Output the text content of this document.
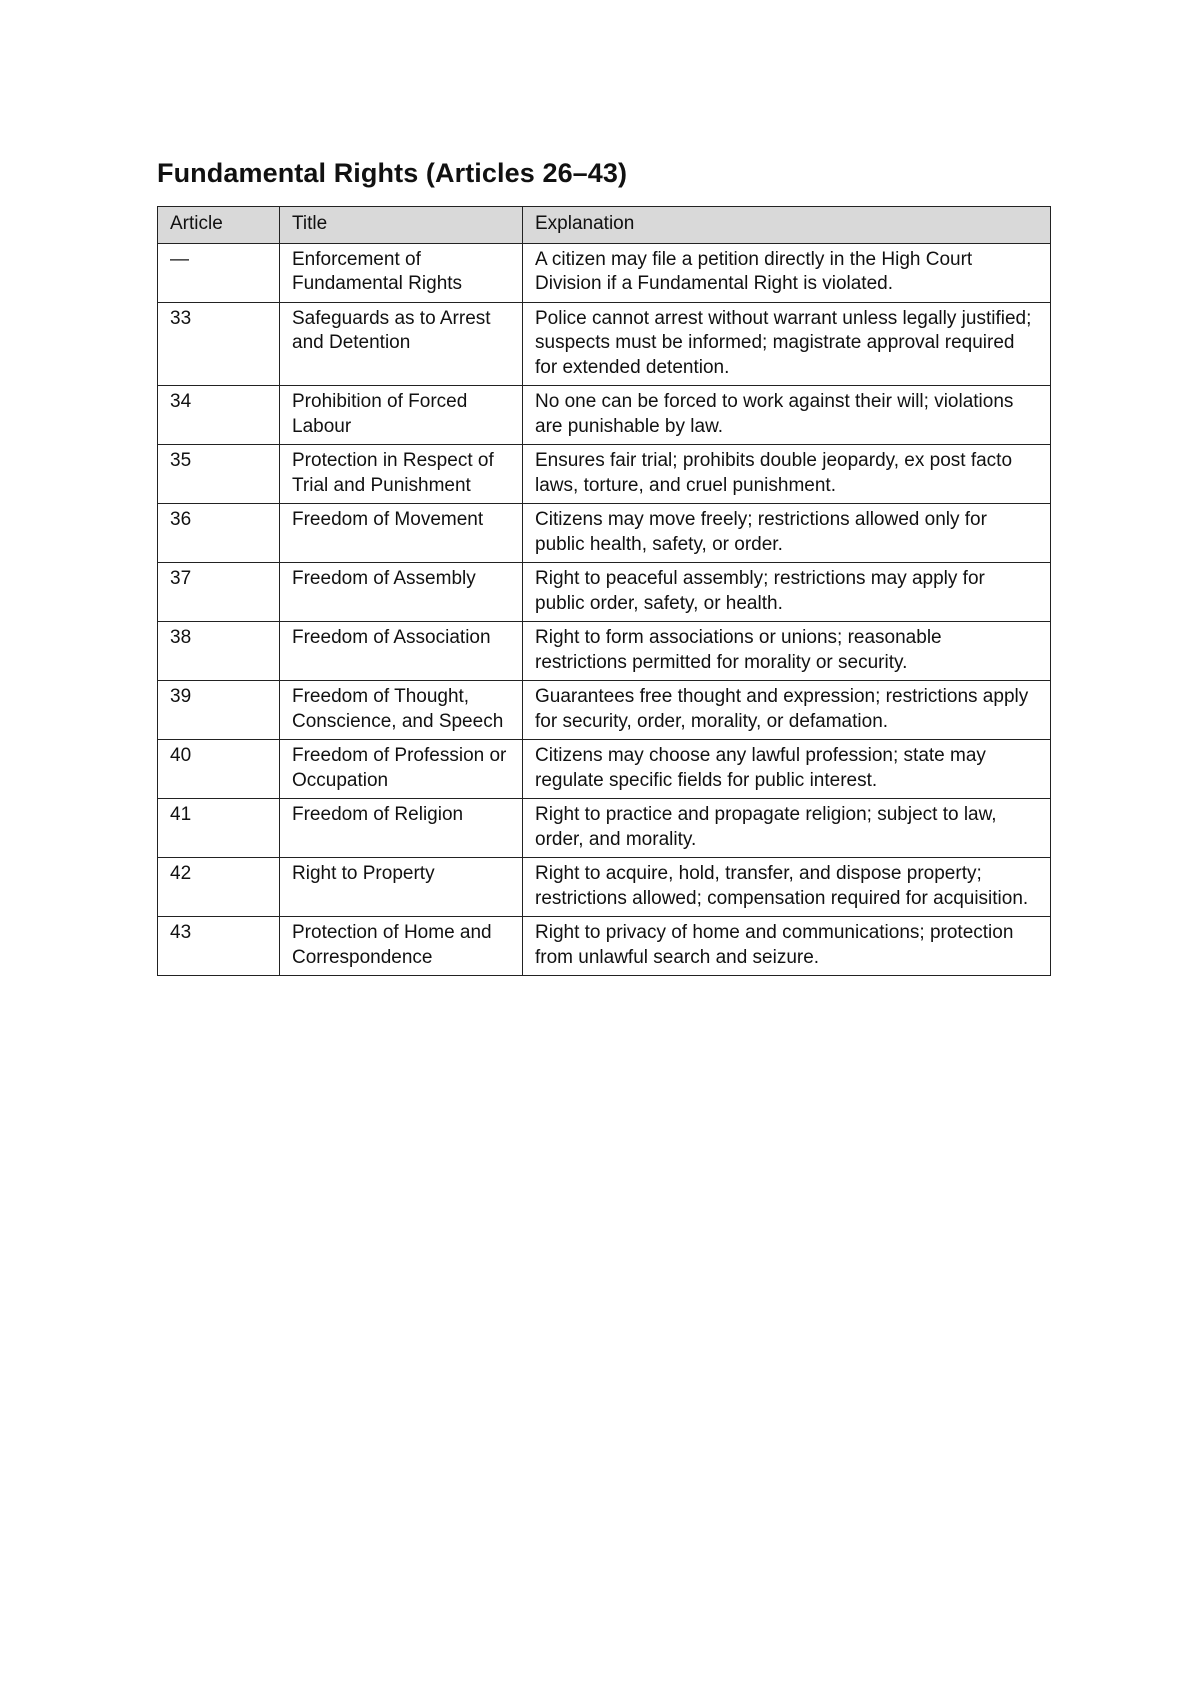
Fundamental Rights (Articles 26–43)
Article	Title	Explanation
—	Enforcement of Fundamental Rights	A citizen may file a petition directly in the High Court Division if a Fundamental Right is violated.
33	Safeguards as to Arrest and Detention	Police cannot arrest without warrant unless legally justified; suspects must be informed; magistrate approval required for extended detention.
34	Prohibition of Forced Labour	No one can be forced to work against their will; violations are punishable by law.
35	Protection in Respect of Trial and Punishment	Ensures fair trial; prohibits double jeopardy, ex post facto laws, torture, and cruel punishment.
36	Freedom of Movement	Citizens may move freely; restrictions allowed only for public health, safety, or order.
37	Freedom of Assembly	Right to peaceful assembly; restrictions may apply for public order, safety, or health.
38	Freedom of Association	Right to form associations or unions; reasonable restrictions permitted for morality or security.
39	Freedom of Thought, Conscience, and Speech	Guarantees free thought and expression; restrictions apply for security, order, morality, or defamation.
40	Freedom of Profession or Occupation	Citizens may choose any lawful profession; state may regulate specific fields for public interest.
41	Freedom of Religion	Right to practice and propagate religion; subject to law, order, and morality.
42	Right to Property	Right to acquire, hold, transfer, and dispose property; restrictions allowed; compensation required for acquisition.
43	Protection of Home and Correspondence	Right to privacy of home and communications; protection from unlawful search and seizure.
